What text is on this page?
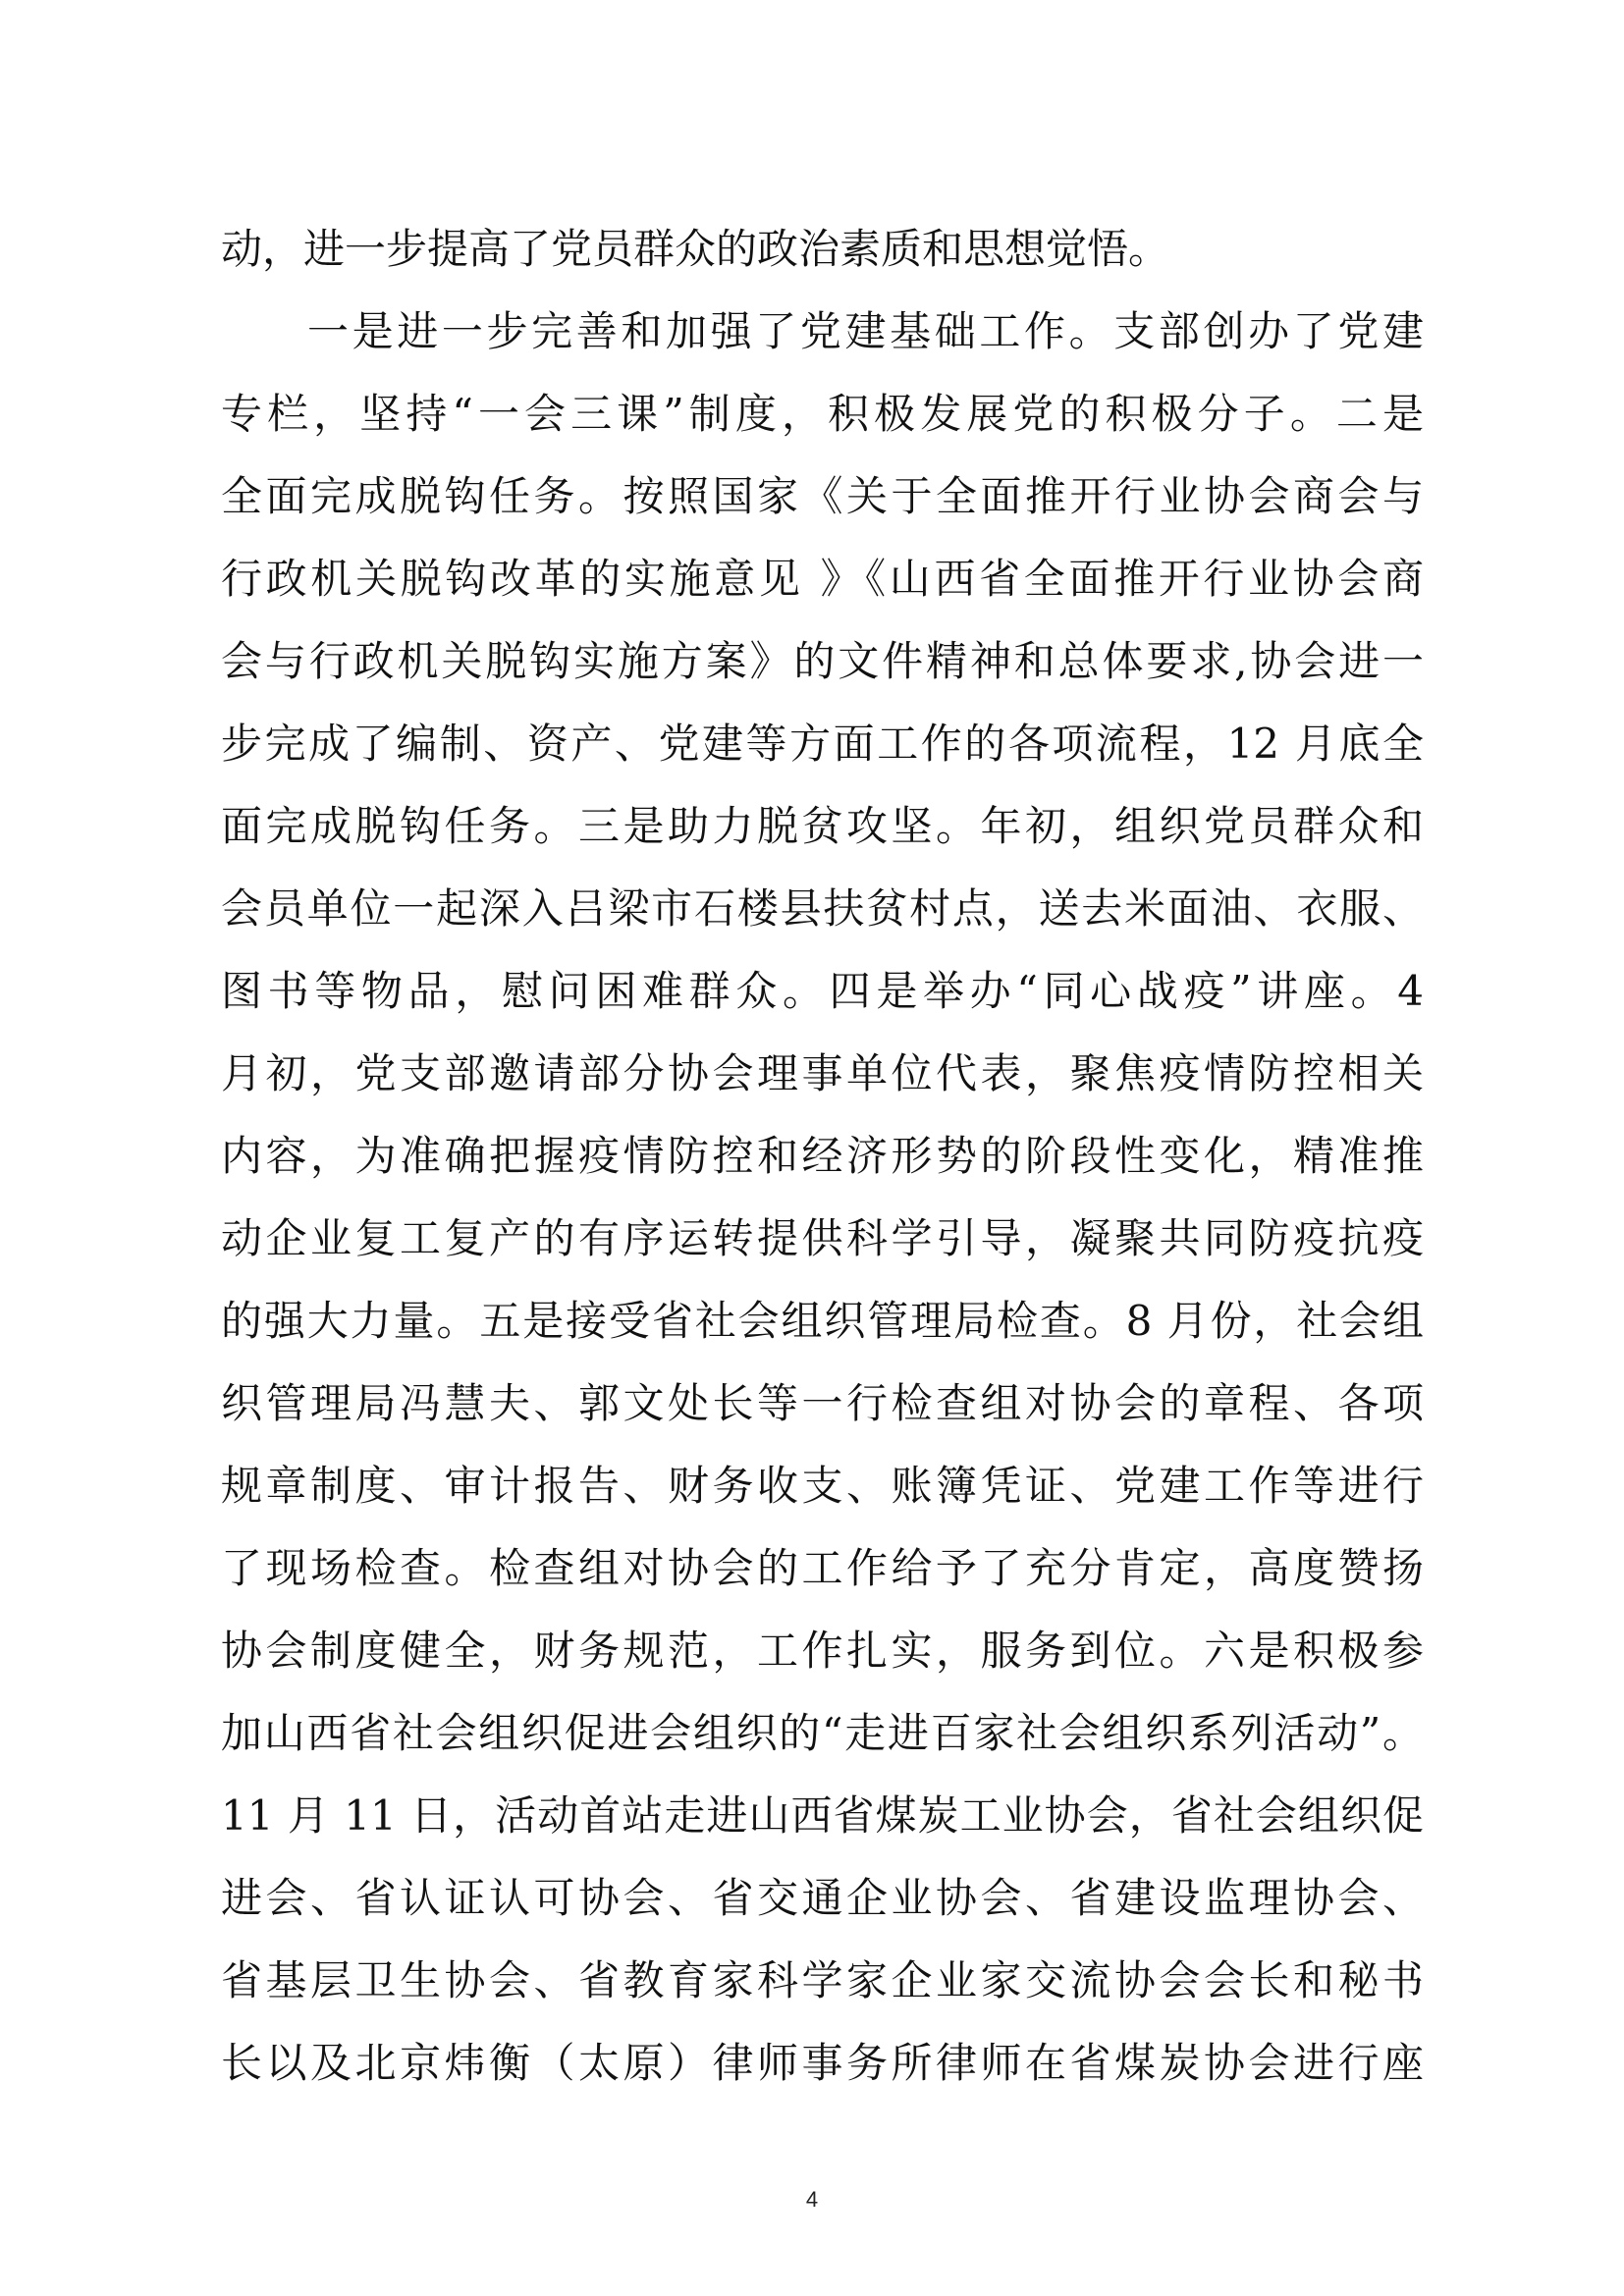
动，进一步提高了党员群众的政治素质和思想觉悟。
一是进一步完善和加强了党建基础工作。支部创办了党建
专栏，坚持“一会三课”制度，积极发展党的积极分子。二是
全面完成脱钩任务。按照国家《关于全面推开行业协会商会与
行政机关脱钩改革的实施意见 》《山西省全面推开行业协会商
会与行政机关脱钩实施方案》的文件精神和总体要求,协会进一
步完成了编制、资产、党建等方面工作的各项流程，12 月底全
面完成脱钩任务。三是助力脱贫攻坚。年初，组织党员群众和
会员单位一起深入吕梁市石楼县扶贫村点，送去米面油、衣服、
图书等物品，慰问困难群众。四是举办“同心战疫”讲座。4
月初，党支部邀请部分协会理事单位代表，聚焦疫情防控相关
内容，为准确把握疫情防控和经济形势的阶段性变化，精准推
动企业复工复产的有序运转提供科学引导，凝聚共同防疫抗疫
的强大力量。五是接受省社会组织管理局检查。8 月份，社会组
织管理局冯慧夫、郭文处长等一行检查组对协会的章程、各项
规章制度、审计报告、财务收支、账簿凭证、党建工作等进行
了现场检查。检查组对协会的工作给予了充分肯定，高度赞扬
协会制度健全，财务规范，工作扎实，服务到位。六是积极参
加山西省社会组织促进会组织的“走进百家社会组织系列活动”。
11 月 11 日，活动首站走进山西省煤炭工业协会，省社会组织促
进会、省认证认可协会、省交通企业协会、省建设监理协会、
省基层卫生协会、省教育家科学家企业家交流协会会长和秘书
长以及北京炜衡（太原）律师事务所律师在省煤炭协会进行座
4
